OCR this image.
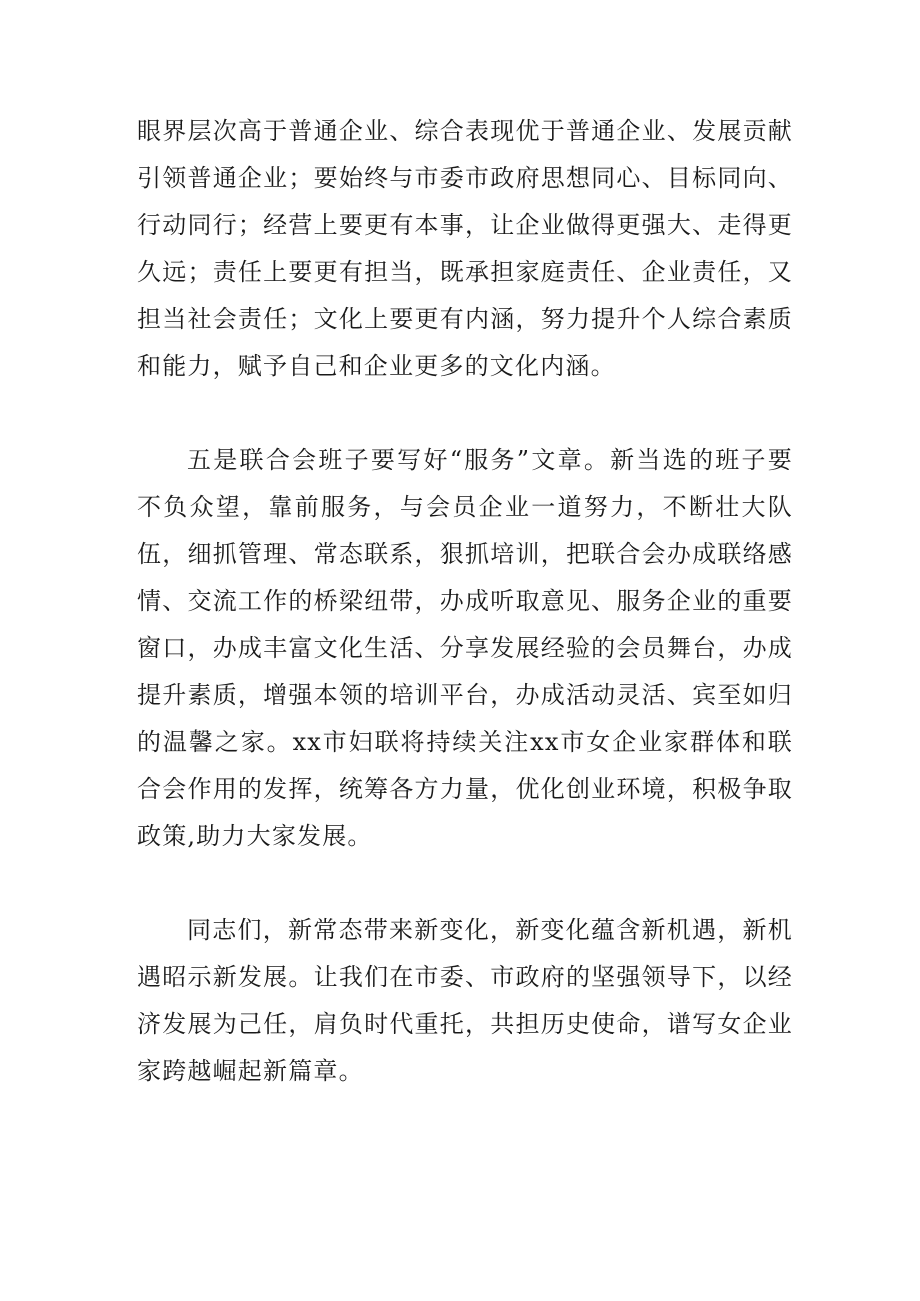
眼界层次高于普通企业、综合表现优于普通企业、发展贡献引领普通企业；要始终与市委市政府思想同心、目标同向、行动同行；经营上要更有本事，让企业做得更强大、走得更久远；责任上要更有担当，既承担家庭责任、企业责任，又担当社会责任；文化上要更有内涵，努力提升个人综合素质和能力，赋予自己和企业更多的文化内涵。

五是联合会班子要写好“服务”文章。新当选的班子要不负众望，靠前服务，与会员企业一道努力，不断壮大队伍，细抓管理、常态联系，狠抓培训，把联合会办成联络感情、交流工作的桥梁纽带，办成听取意见、服务企业的重要窗口，办成丰富文化生活、分享发展经验的会员舞台，办成提升素质，增强本领的培训平台，办成活动灵活、宾至如归的温馨之家。xx市妇联将持续关注xx市女企业家群体和联合会作用的发挥，统筹各方力量，优化创业环境，积极争取政策,助力大家发展。

同志们，新常态带来新变化，新变化蕴含新机遇，新机遇昭示新发展。让我们在市委、市政府的坚强领导下，以经济发展为己任，肩负时代重托，共担历史使命，谱写女企业家跨越崛起新篇章。
